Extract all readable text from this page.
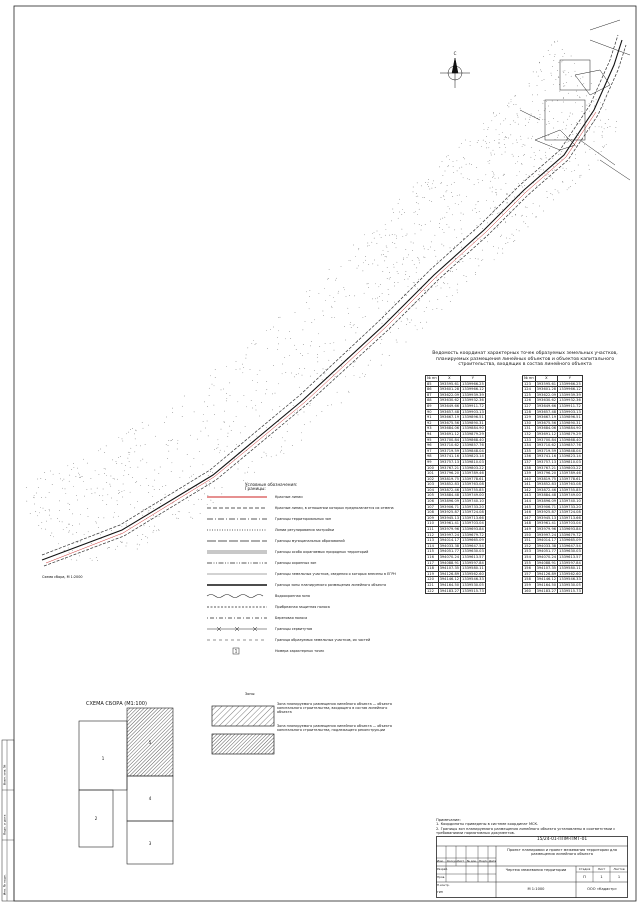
Взам. инв. №
Подп. и дата
Инв. № подл.
С
Схема сбора, М 1:2000
1
2
3
4
5
Ведомость координат характерных точек образуемых земельных участков, планируемых размещения линейных объектов и объектов капитального строительства, входящих в состав линейного объекта
№ пп	X	Y
85	393595.61	1339966.25
86	393601.28	1339966.12
87	393622.09	1339939.39
88	393630.62	1339932.36
89	393649.66	1339911.72
90	393657.48	1339903.13
91	393667.19	1339896.51
92	393675.56	1339890.31
93	393684.06	1339884.90
94	393691.12	1339879.29
95	393700.84	1339868.40
96	393710.62	1339857.76
97	393719.59	1339848.04
98	393741.16	1339823.14
99	393757.13	1339810.03
100	393767.21	1339803.22
101	393796.20	1339789.46
102	393819.75	1339778.61
103	393852.83	1339763.08
104	393872.46	1339755.85
105	393884.48	1339749.00
106	393896.09	1339740.10
107	393906.71	1339733.20
108	393925.87	1339724.08
109	393945.13	1339713.66
110	393961.41	1339703.04
111	393979.96	1339693.84
112	393997.24	1339679.72
113	394014.17	1339665.09
114	394033.38	1339647.54
115	394051.77	1339630.03
116	394070.24	1339613.57
117	394088.91	1339597.84
118	394107.35	1339580.11
119	394126.89	1339562.60
120	394146.12	1339546.33
121	394164.50	1339530.05
122	394183.27	1339515.73
№ пп	X	Y
123	393595.61	1339966.25
124	393601.28	1339966.12
125	393622.09	1339939.39
126	393630.62	1339932.36
127	393649.66	1339911.72
128	393657.48	1339903.13
129	393667.19	1339896.51
130	393675.56	1339890.31
131	393684.06	1339884.90
132	393691.12	1339879.29
133	393700.84	1339868.40
134	393710.62	1339857.76
135	393719.59	1339848.04
136	393741.16	1339823.14
137	393757.13	1339810.03
138	393767.21	1339803.22
139	393796.20	1339789.46
140	393819.75	1339778.61
141	393852.83	1339763.08
142	393872.46	1339755.85
143	393884.48	1339749.00
144	393896.09	1339740.10
145	393906.71	1339733.20
146	393925.87	1339724.08
147	393945.13	1339713.66
148	393961.41	1339703.04
149	393979.96	1339693.84
150	393997.24	1339679.72
151	394014.17	1339665.09
152	394033.38	1339647.54
153	394051.77	1339630.03
154	394070.24	1339613.57
155	394088.91	1339597.84
156	394107.35	1339580.11
157	394126.89	1339562.60
158	394146.12	1339546.33
159	394164.50	1339530.05
160	394183.27	1339515.73
Условные обозначения:
Границы:
Красные линии
Красные линии, в отношении которых предполагается их отмена
Границы территориальных зон
Линии регулирования застройки
Границы муниципальных образований
Границы особо охраняемых природных территорий
Границы охранных зон
Границы земельных участков, сведения о которых внесены в ЕГРН
Граница зоны планируемого размещения линейного объекта
Водоохранная зона
Прибрежная защитная полоса
Береговая полоса
Границы сервитутов
Граница образуемых земельных участков, их частей
1	Номера характерных точек
Зоны:
Зона планируемого размещения линейного объекта — объекта капитального строительства, входящего в состав линейного объекта
Зона планируемого размещения линейного объекта — объекта капитального строительства, подлежащего реконструкции
СХЕМА СБОРА (М1:100)
Примечание:
1. Координаты приведены в системе координат МСК.
2. Границы зон планируемого размещения линейного объекта установлены в соответствии с требованиями нормативных документов.
15/24-01-ППМ-ПМТ-01
Проект планировки и проект межевания территории для размещения линейного объекта
Чертеж межевания территории	Стадия	Лист	Листов
П	1	1
М 1:1000	ООО «Кадастр»
Изм. Кол.уч. Лист № док. Подп. Дата
Разраб.
Пров.
Н.контр.
ГИП
